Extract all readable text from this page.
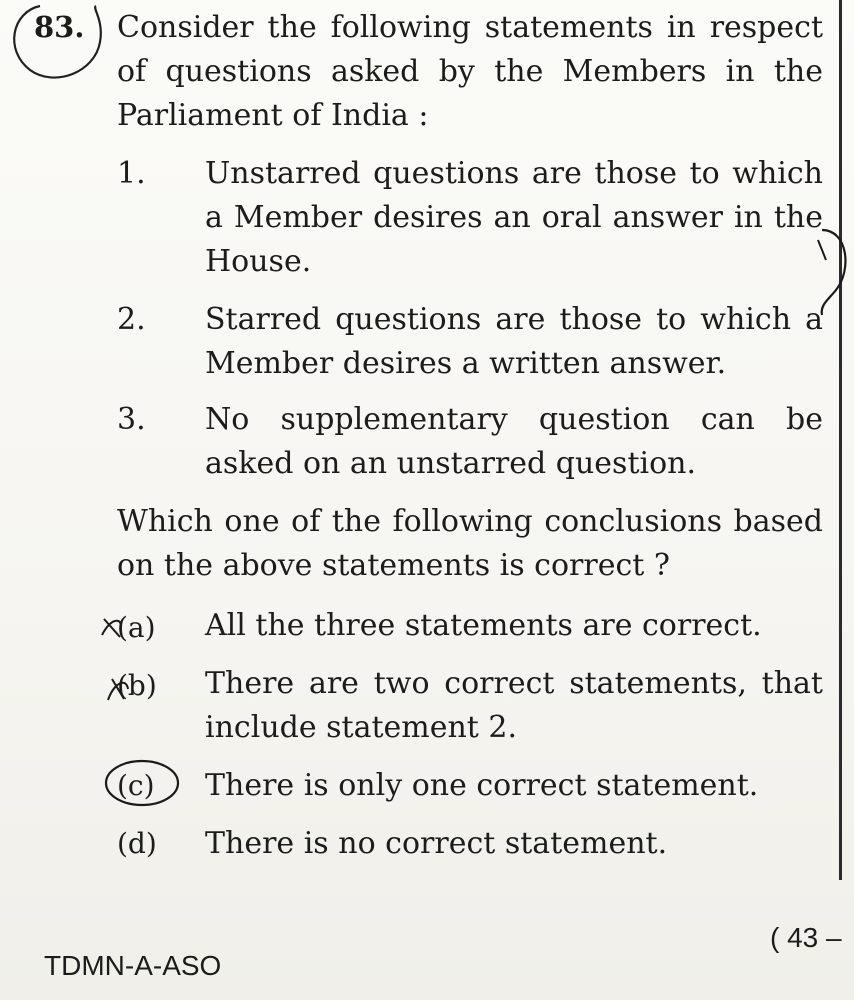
83. Consider the following statements in respect
of questions asked by the Members in the
Parliament of India :
1. Unstarred questions are those to which
a Member desires an oral answer in the
House.
2. Starred questions are those to which a
Member desires a written answer.
3. No supplementary question can be
asked on an unstarred question.
Which one of the following conclusions based
on the above statements is correct ?
(a) All the three statements are correct.
(b) There are two correct statements, that
include statement 2.
(c) There is only one correct statement.
(d) There is no correct statement.
TDMN-A-ASO
( 43 –
